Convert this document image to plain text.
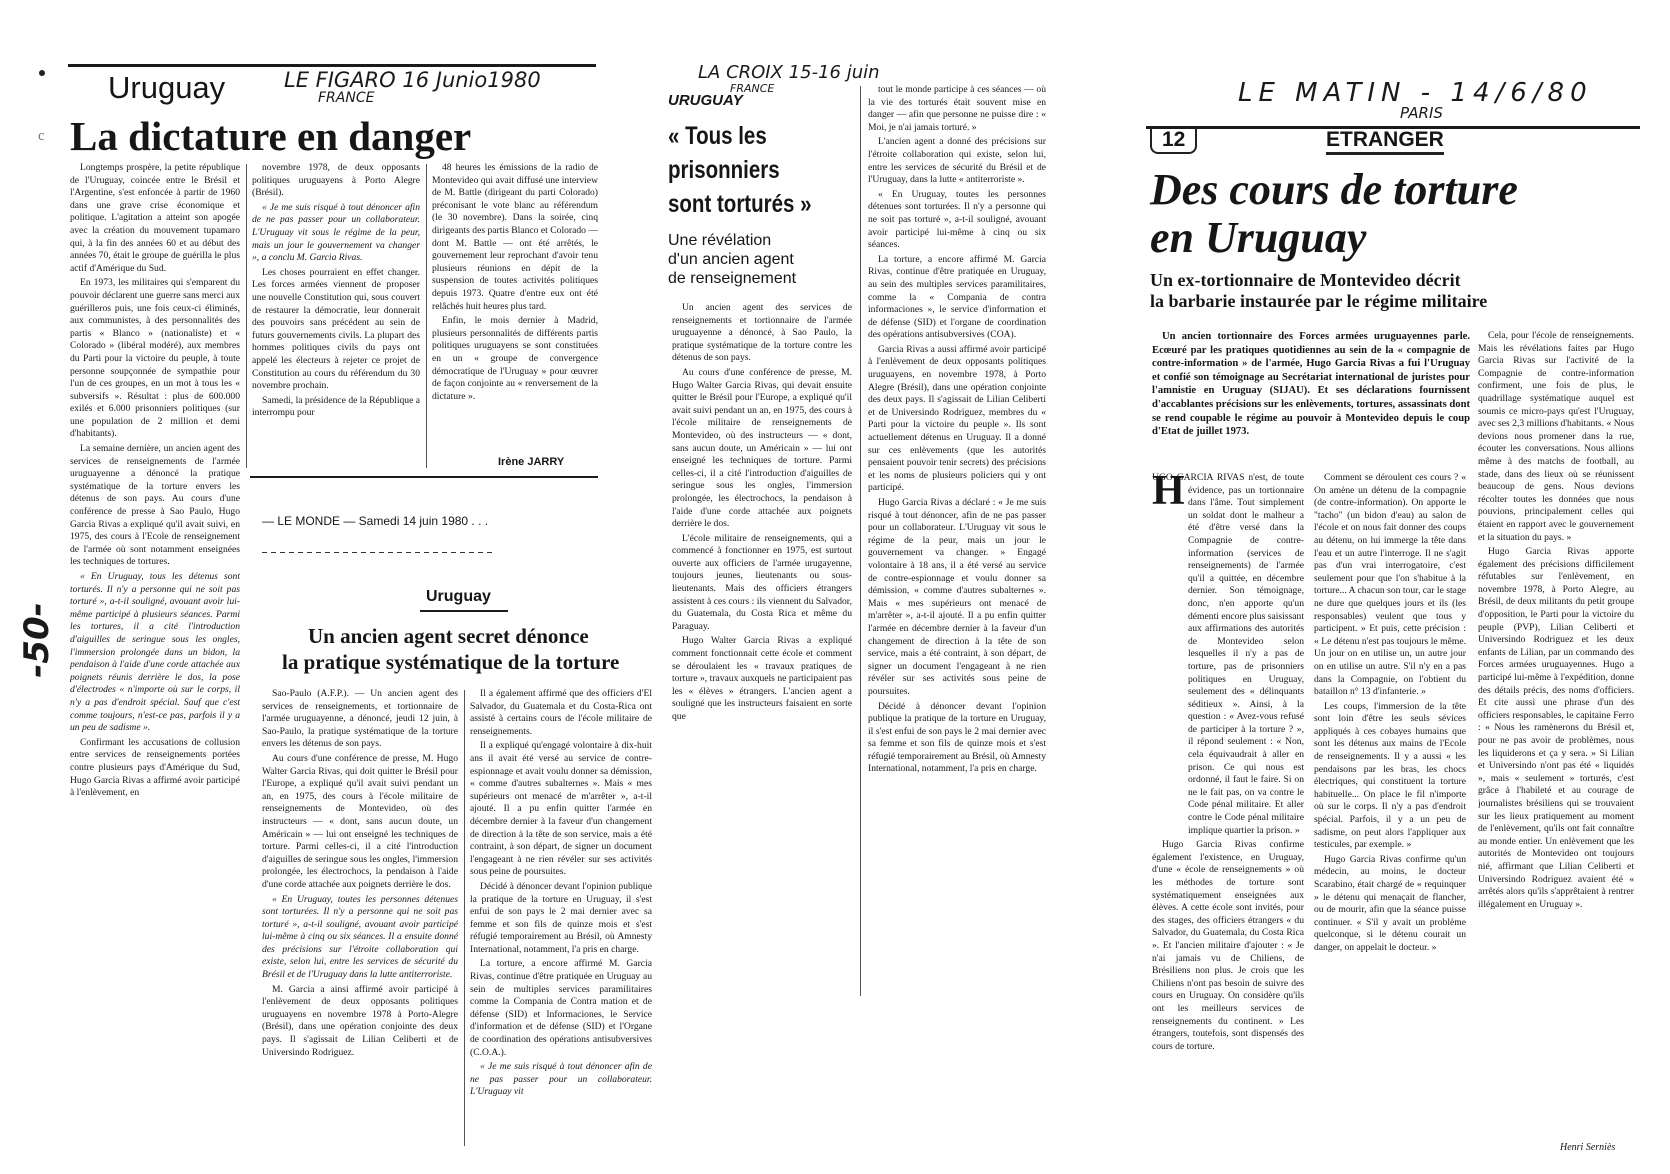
c
-50-
LE FIGARO 16 Junio1980
FRANCE
Uruguay
La dictature en danger

Longtemps prospère, la petite république de l'Uruguay, coincée entre le Brésil et l'Argentine, s'est enfoncée à partir de 1960 dans une grave crise économique et politique. L'agitation a atteint son apogée avec la création du mouvement tupamaro qui, à la fin des années 60 et au début des années 70, était le groupe de guérilla le plus actif d'Amérique du Sud.

En 1973, les militaires qui s'emparent du pouvoir déclarent une guerre sans merci aux guérilleros puis, une fois ceux-ci éliminés, aux communistes, à des personnalités des partis « Blanco » (nationaliste) et « Colorado » (libéral modéré), aux membres du Parti pour la victoire du peuple, à toute personne soupçonnée de sympathie pour l'un de ces groupes, en un mot à tous les « subversifs ». Résultat : plus de 600.000 exilés et 6.000 prisonniers politiques (sur une population de 2 million et demi d'habitants).

La semaine dernière, un ancien agent des services de renseignements de l'armée uruguayenne a dénoncé la pratique systématique de la torture envers les détenus de son pays. Au cours d'une conférence de presse à Sao Paulo, Hugo Garcia Rivas a expliqué qu'il avait suivi, en 1975, des cours à l'Ecole de renseignement de l'armée où sont notamment enseignées les techniques de tortures.

« En Uruguay, tous les détenus sont torturés. Il n'y a personne qui ne soit pas torturé », a-t-il souligné, avouant avoir lui-même participé à plusieurs séances. Parmi les tortures, il a cité l'introduction d'aiguilles de seringue sous les ongles, l'immersion prolongée dans un bidon, la pendaison à l'aide d'une corde attachée aux poignets réunis derrière le dos, la pose d'électrodes « n'importe où sur le corps, il n'y a pas d'endroit spécial. Sauf que c'est comme toujours, n'est-ce pas, parfois il y a un peu de sadisme ».

Confirmant les accusations de collusion entre services de renseignements portées contre plusieurs pays d'Amérique du Sud, Hugo Garcia Rivas a affirmé avoir participé à l'enlèvement, en

novembre 1978, de deux opposants politiques uruguayens à Porto Alegre (Brésil).

« Je me suis risqué à tout dénoncer afin de ne pas passer pour un collaborateur. L'Uruguay vit sous le régime de la peur, mais un jour le gouvernement va changer », a conclu M. Garcia Rivas.

Les choses pourraient en effet changer. Les forces armées viennent de proposer une nouvelle Constitution qui, sous couvert de restaurer la démocratie, leur donnerait des pouvoirs sans précédent au sein de futurs gouvernements civils. La plupart des hommes politiques civils du pays ont appelé les électeurs à rejeter ce projet de Constitution au cours du référendum du 30 novembre prochain.

Samedi, la présidence de la République a interrompu pour

48 heures les émissions de la radio de Montevideo qui avait diffusé une interview de M. Battle (dirigeant du parti Colorado) préconisant le vote blanc au référendum (le 30 novembre). Dans la soirée, cinq dirigeants des partis Blanco et Colorado — dont M. Battle — ont été arrêtés, le gouvernement leur reprochant d'avoir tenu plusieurs réunions en dépit de la suspension de toutes activités politiques depuis 1973. Quatre d'entre eux ont été relâchés huit heures plus tard.

Enfin, le mois dernier à Madrid, plusieurs personnalités de différents partis politiques uruguayens se sont constituées en un « groupe de convergence démocratique de l'Uruguay » pour œuvrer de façon conjointe au « renversement de la dictature ».

Irène JARRY
— LE MONDE — Samedi 14 juin 1980 . . .
Uruguay
Un ancien agent secret dénonce
la pratique systématique de la torture

Sao-Paulo (A.F.P.). — Un ancien agent des services de renseignements, et tortionnaire de l'armée uruguayenne, a dénoncé, jeudi 12 juin, à Sao-Paulo, la pratique systématique de la torture envers les détenus de son pays.

Au cours d'une conférence de presse, M. Hugo Walter Garcia Rivas, qui doit quitter le Brésil pour l'Europe, a expliqué qu'il avait suivi pendant un an, en 1975, des cours à l'école militaire de renseignements de Montevideo, où des instructeurs — « dont, sans aucun doute, un Américain » — lui ont enseigné les techniques de torture. Parmi celles-ci, il a cité l'introduction d'aiguilles de seringue sous les ongles, l'immersion prolongée, les électrochocs, la pendaison à l'aide d'une corde attachée aux poignets derrière le dos.

« En Uruguay, toutes les personnes détenues sont torturées. Il n'y a personne qui ne soit pas torturé », a-t-il souligné, avouant avoir participé lui-même à cinq ou six séances. Il a ensuite donné des précisions sur l'étroite collaboration qui existe, selon lui, entre les services de sécurité du Brésil et de l'Uruguay dans la lutte antiterroriste.

M. Garcia a ainsi affirmé avoir participé à l'enlèvement de deux opposants politiques uruguayens en novembre 1978 à Porto-Alegre (Brésil), dans une opération conjointe des deux pays. Il s'agissait de Lilian Celiberti et de Universindo Rodriguez.

Il a également affirmé que des officiers d'El Salvador, du Guatemala et du Costa-Rica ont assisté à certains cours de l'école militaire de renseignements.

Il a expliqué qu'engagé volontaire à dix-huit ans il avait été versé au service de contre-espionnage et avait voulu donner sa démission, « comme d'autres subalternes ». Mais « mes supérieurs ont menacé de m'arrêter », a-t-il ajouté. Il a pu enfin quitter l'armée en décembre dernier à la faveur d'un changement de direction à la tête de son service, mais a été contraint, à son départ, de signer un document l'engageant à ne rien révéler sur ses activités sous peine de poursuites.

Décidé à dénoncer devant l'opinion publique la pratique de la torture en Uruguay, il s'est enfui de son pays le 2 mai dernier avec sa femme et son fils de quinze mois et s'est réfugié temporairement au Brésil, où Amnesty International, notamment, l'a pris en charge.

La torture, a encore affirmé M. Garcia Rivas, continue d'être pratiquée en Uruguay au sein de multiples services paramilitaires comme la Compania de Contra mation et de défense (SID) et Informaciones, le Service d'information et de défense (SID) et l'Organe de coordination des opérations antisubversives (C.O.A.).

« Je me suis risqué à tout dénoncer afin de ne pas passer pour un collaborateur. L'Uruguay vit

LA CROIX 15-16 juin
FRANCE
URUGUAY
« Tous les
prisonniers
sont torturés »
Une révélation
d'un ancien agent
de renseignement

Un ancien agent des services de renseignements et tortionnaire de l'armée uruguayenne a dénoncé, à Sao Paulo, la pratique systématique de la torture contre les détenus de son pays.

Au cours d'une conférence de presse, M. Hugo Walter Garcia Rivas, qui devait ensuite quitter le Brésil pour l'Europe, a expliqué qu'il avait suivi pendant un an, en 1975, des cours à l'école militaire de renseignements de Montevideo, où des instructeurs — « dont, sans aucun doute, un Américain » — lui ont enseigné les techniques de torture. Parmi celles-ci, il a cité l'introduction d'aiguilles de seringue sous les ongles, l'immersion prolongée, les électrochocs, la pendaison à l'aide d'une corde attachée aux poignets derrière le dos.

L'école militaire de renseignements, qui a commencé à fonctionner en 1975, est surtout ouverte aux officiers de l'armée urugayenne, toujours jeunes, lieutenants ou sous-lieutenants. Mais des officiers étrangers assistent à ces cours : ils viennent du Salvador, du Guatemala, du Costa Rica et même du Paraguay.

Hugo Walter Garcia Rivas a expliqué comment fonctionnait cette école et comment se déroulaient les « travaux pratiques de torture », travaux auxquels ne participaient pas les « élèves » étrangers. L'ancien agent a souligné que les instructeurs faisaient en sorte que

tout le monde participe à ces séances — où la vie des torturés était souvent mise en danger — afin que personne ne puisse dire : « Moi, je n'ai jamais torturé. »

L'ancien agent a donné des précisions sur l'étroite collaboration qui existe, selon lui, entre les services de sécurité du Brésil et de l'Uruguay, dans la lutte « antiterroriste ».

« En Uruguay, toutes les personnes détenues sont torturées. Il n'y a personne qui ne soit pas torturé », a-t-il souligné, avouant avoir participé lui-même à cinq ou six séances.

La torture, a encore affirmé M. Garcia Rivas, continue d'être pratiquée en Uruguay, au sein des multiples services paramilitaires, comme la « Compania de contra informaciones », le service d'information et de défense (SID) et l'organe de coordination des opérations antisubversives (COA).

Garcia Rivas a aussi affirmé avoir participé à l'enlèvement de deux opposants politiques uruguayens, en novembre 1978, à Porto Alegre (Brésil), dans une opération conjointe des deux pays. Il s'agissait de Lilian Celiberti et de Universindo Rodriguez, membres du « Parti pour la victoire du peuple ». Ils sont actuellement détenus en Uruguay. Il a donné sur ces enlèvements (que les autorités pensaient pouvoir tenir secrets) des précisions et les noms de plusieurs policiers qui y ont participé.

Hugo Garcia Rivas a déclaré : « Je me suis risqué à tout dénoncer, afin de ne pas passer pour un collaborateur. L'Uruguay vit sous le régime de la peur, mais un jour le gouvernement va changer. » Engagé volontaire à 18 ans, il a été versé au service de contre-espionnage et voulu donner sa démission, « comme d'autres subalternes ». Mais « mes supérieurs ont menacé de m'arrêter », a-t-il ajouté. Il a pu enfin quitter l'armée en décembre dernier à la faveur d'un changement de direction à la tête de son service, mais a été contraint, à son départ, de signer un document l'engageant à ne rien révéler sur ses activités sous peine de poursuites.

Décidé à dénoncer devant l'opinion publique la pratique de la torture en Uruguay, il s'est enfui de son pays le 2 mai dernier avec sa femme et son fils de quinze mois et s'est réfugié temporairement au Brésil, où Amnesty International, notamment, l'a pris en charge.

LE MATIN - 14/6/80
PARIS
12	ETRANGER
Des cours de torture
en Uruguay
Un ex-tortionnaire de Montevideo décrit
la barbarie instaurée par le régime militaire

Un ancien tortionnaire des Forces armées uruguayennes parle. Ecœuré par les pratiques quotidiennes au sein de la « compagnie de contre-information » de l'armée, Hugo Garcia Rivas a fui l'Uruguay et confié son témoignage au Secrétariat international de juristes pour l'amnistie en Uruguay (SIJAU). Et ses déclarations fournissent d'accablantes précisions sur les enlèvements, tortures, assassinats dont se rend coupable le régime au pouvoir à Montevideo depuis le coup d'Etat de juillet 1973.

H

UGO GARCIA RIVAS n'est, de toute évidence, pas un tortionnaire dans l'âme. Tout simplement un soldat dont le malheur a été d'être versé dans la Compagnie de contre-information (services de renseignements) de l'armée qu'il a quittée, en décembre dernier. Son témoignage, donc, n'en apporte qu'un démenti encore plus saisissant aux affirmations des autorités de Montevideo selon lesquelles il n'y a pas de torture, pas de prisonniers politiques en Uruguay, seulement des « délinquants séditieux ». Ainsi, à la question : « Avez-vous refusé de participer à la torture ? », il répond seulement : « Non, cela équivaudrait à aller en prison. Ce qui nous est ordonné, il faut le faire. Si on ne le fait pas, on va contre le Code pénal militaire. Et aller contre le Code pénal militaire implique quartier la prison. »

Hugo Garcia Rivas confirme également l'existence, en Uruguay, d'une « école de renseignements » où les méthodes de torture sont systématiquement enseignées aux élèves. A cette école sont invités, pour des stages, des officiers étrangers « du Salvador, du Guatemala, du Costa Rica ». Et l'ancien militaire d'ajouter : « Je n'ai jamais vu de Chiliens, de Brésiliens non plus. Je crois que les Chiliens n'ont pas besoin de suivre des cours en Uruguay. On considère qu'ils ont les meilleurs services de renseignements du continent. » Les étrangers, toutefois, sont dispensés des cours de torture.

Comment se déroulent ces cours ? « On amène un détenu de la compagnie (de contre-information). On apporte le "tacho" (un bidon d'eau) au salon de l'école et on nous fait donner des coups au détenu, on lui immerge la tête dans l'eau et un autre l'interroge. Il ne s'agit pas d'un vrai interrogatoire, c'est seulement pour que l'on s'habitue à la torture... A chacun son tour, car le stage ne dure que quelques jours et ils (les responsables) veulent que tous y participent. » Et puis, cette précision : « Le détenu n'est pas toujours le même. Un jour on en utilise un, un autre jour on en utilise un autre. S'il n'y en a pas dans la Compagnie, on l'obtient du bataillon n° 13 d'infanterie. »

Les coups, l'immersion de la tête sont loin d'être les seuls sévices appliqués à ces cobayes humains que sont les détenus aux mains de l'Ecole de renseignements. Il y a aussi « les pendaisons par les bras, les chocs électriques, qui constituent la torture habituelle... On place le fil n'importe où sur le corps. Il n'y a pas d'endroit spécial. Parfois, il y a un peu de sadisme, on peut alors l'appliquer aux testicules, par exemple. »

Hugo Garcia Rivas confirme qu'un médecin, au moins, le docteur Scarabino, était chargé de « requinquer » le détenu qui menaçait de flancher, ou de mourir, afin que la séance puisse continuer. « S'il y avait un problème quelconque, si le détenu courait un danger, on appelait le docteur. »

Cela, pour l'école de renseignements. Mais les révélations faites par Hugo Garcia Rivas sur l'activité de la Compagnie de contre-information confirment, une fois de plus, le quadrillage systématique auquel est soumis ce micro-pays qu'est l'Uruguay, avec ses 2,3 millions d'habitants. « Nous devions nous promener dans la rue, écouter les conversations. Nous allions même à des matchs de football, au stade, dans des lieux où se réunissent beaucoup de gens. Nous devions récolter toutes les données que nous pouvions, principalement celles qui étaient en rapport avec le gouvernement et la situation du pays. »

Hugo Garcia Rivas apporte également des précisions difficilement réfutables sur l'enlèvement, en novembre 1978, à Porto Alegre, au Brésil, de deux militants du petit groupe d'opposition, le Parti pour la victoire du peuple (PVP), Lilian Celiberti et Universindo Rodriguez et les deux enfants de Lilian, par un commando des Forces armées uruguayennes. Hugo a participé lui-même à l'expédition, donne des détails précis, des noms d'officiers. Et cite aussi une phrase d'un des officiers responsables, le capitaine Ferro : « Nous les ramènerons du Brésil et, pour ne pas avoir de problèmes, nous les liquiderons et ça y sera. » Si Lilian et Universindo n'ont pas été « liquidés », mais « seulement » torturés, c'est grâce à l'habileté et au courage de journalistes brésiliens qui se trouvaient sur les lieux pratiquement au moment de l'enlèvement, qu'ils ont fait connaître au monde entier. Un enlèvement que les autorités de Montevideo ont toujours nié, affirmant que Lilian Celiberti et Universindo Rodriguez avaient été « arrêtés alors qu'ils s'apprêtaient à rentrer illégalement en Uruguay ».

Henri Serniès
